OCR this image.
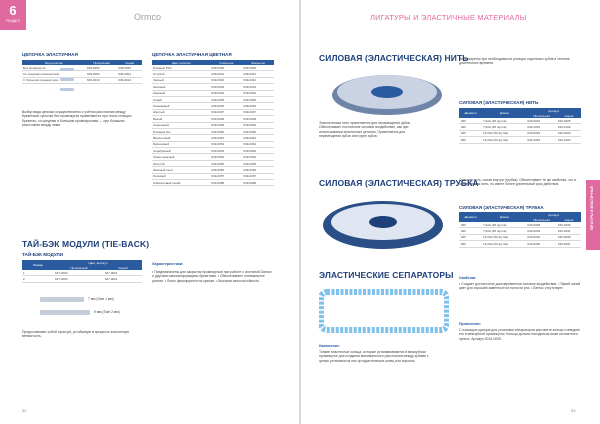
6
РАЗДЕЛ	Ormco
ЦЕПОЧКА ЭЛАСТИЧНАЯ
Вид цепочки	Прозрачная	Серая
Без промежутка	639-0052	639-0051
Со средним промежутком	639-0002	639-0001
С большим промежутком	639-0013	639-0014
Выбор вида цепочки осуществляется с учётом расстояния между брекетами: цепочки без промежутка применяются при тесно стоящих брекетах, со средним и большим промежутками — при большем расстоянии между ними.
ЦЕПОЧКА ЭЛАСТИЧНАЯ ЦВЕТНАЯ
Цвет цепочки	Открытые	Закрытые
Розовый Pink	639-0030	639-0040
Голубой	639-0031	639-0041
Чёрный	639-0032	639-0042
Зелёный	639-0033	639-0043
Красный	639-0034	639-0044
Синий	639-0035	639-0045
Оранжевый	639-0036	639-0046
Жёлтый	639-0037	639-0047
Белый	639-0038	639-0048
Сиреневый	639-0039	639-0049
Розовый Hot	639-0050	639-0060
Фиолетовый	639-0051	639-0061
Бирюзовый	639-0052	639-0062
Серебряный	639-0053	639-0063
Темно-красный	639-0054	639-0064
Золотой	639-0055	639-0065
Зелёный neon	639-0056	639-0066
Лиловый	639-0057	639-0067
Кобальтовый синий	639-0058	639-0068
ТАЙ-БЭК МОДУЛИ (TIE-BACK)
ТАЙ-БЭК МОДУЛИ
Размер	Цвет, артикул	
	Прозрачный	Серый
1	627-0002	627-0001
2	627-0022	627-0021
7 мм (Size 1 мм)
9 мм (Size 2 мм)
Предоставляют собой простую, устойчивую в процессе эластичную ветвистость.
Характеристики:
• Предназначены для закрытия промежутков при работе с системой Damon и другими самолигирующими брекетами. • Обеспечивают оптимальное усилие. • Легко фиксируются на крючке. • Высокая износостойкость.
52
ЛИГАТУРЫ И ЭЛАСТИЧНЫЕ МАТЕРИАЛЫ
СИЛОВАЯ (ЭЛАСТИЧЕСКАЯ) НИТЬ
Эластическая нить применяется для перемещения зубов. Обеспечивает постоянное силовое воздействие, как при использовании эластичных цепочек. Применяется для перемещения зубов или групп зубов.
Используется при необходимости ротации отдельных зубов в течение длительного времени.
СИЛОВАЯ (ЭЛАСТИЧЕСКАЯ) НИТЬ
Диаметр	Длина	Артикул	
		Прозрачная	Серая
.025	7,62м (25 футов)	640-0022	640-0025
.030	7,62м (25 футов)	640-1001	640-1002
.025	15,24м (50 футов)	640-0023	640-0026
.030	15,24м (50 футов)	640-1003	640-1004
СИЛОВАЯ (ЭЛАСТИЧЕСКАЯ) ТРУБКА
Силовая нить, полая внутри (трубка). Обеспечивает те же свойства, что и эластическая нить, но имеет более длительный срок действия.
СИЛОВАЯ (ЭЛАСТИЧЕСКАЯ) ТРУБКА
Диаметр	Длина	Артикул	
		Прозрачная	Серая
.025	7,62м (25 футов)	640-0028	640-0030
.030	7,62м (25 футов)	640-0032	640-0031
.025	15,24м (50 футов)	640-0034	640-0035
.030	15,24м (50 футов)	640-0036	640-0037
ЭЛАСТИЧЕСКИЕ СЕПАРАТОРЫ
Назначение:
Тонкие эластичные кольца, которые устанавливаются в межзубном промежутке для создания минимального расстояния между зубами с целью установки на них ортодонтических колец или коронок.
Свойства:
• Создает достаточное долговременное силовое воздействие. • Яркий синий цвет для хорошей заметности в полости рта. • Латекс отсутствует.
Применение:
С помощью щипцов для установки сепараторов растяните кольцо и введите его в межзубной промежуток. Кольцо должно находиться ниже контактного пункта. Артикул 0024-0005
53
ЛИГАТУРЫ И ЭЛАСТИЧНЫЕ
